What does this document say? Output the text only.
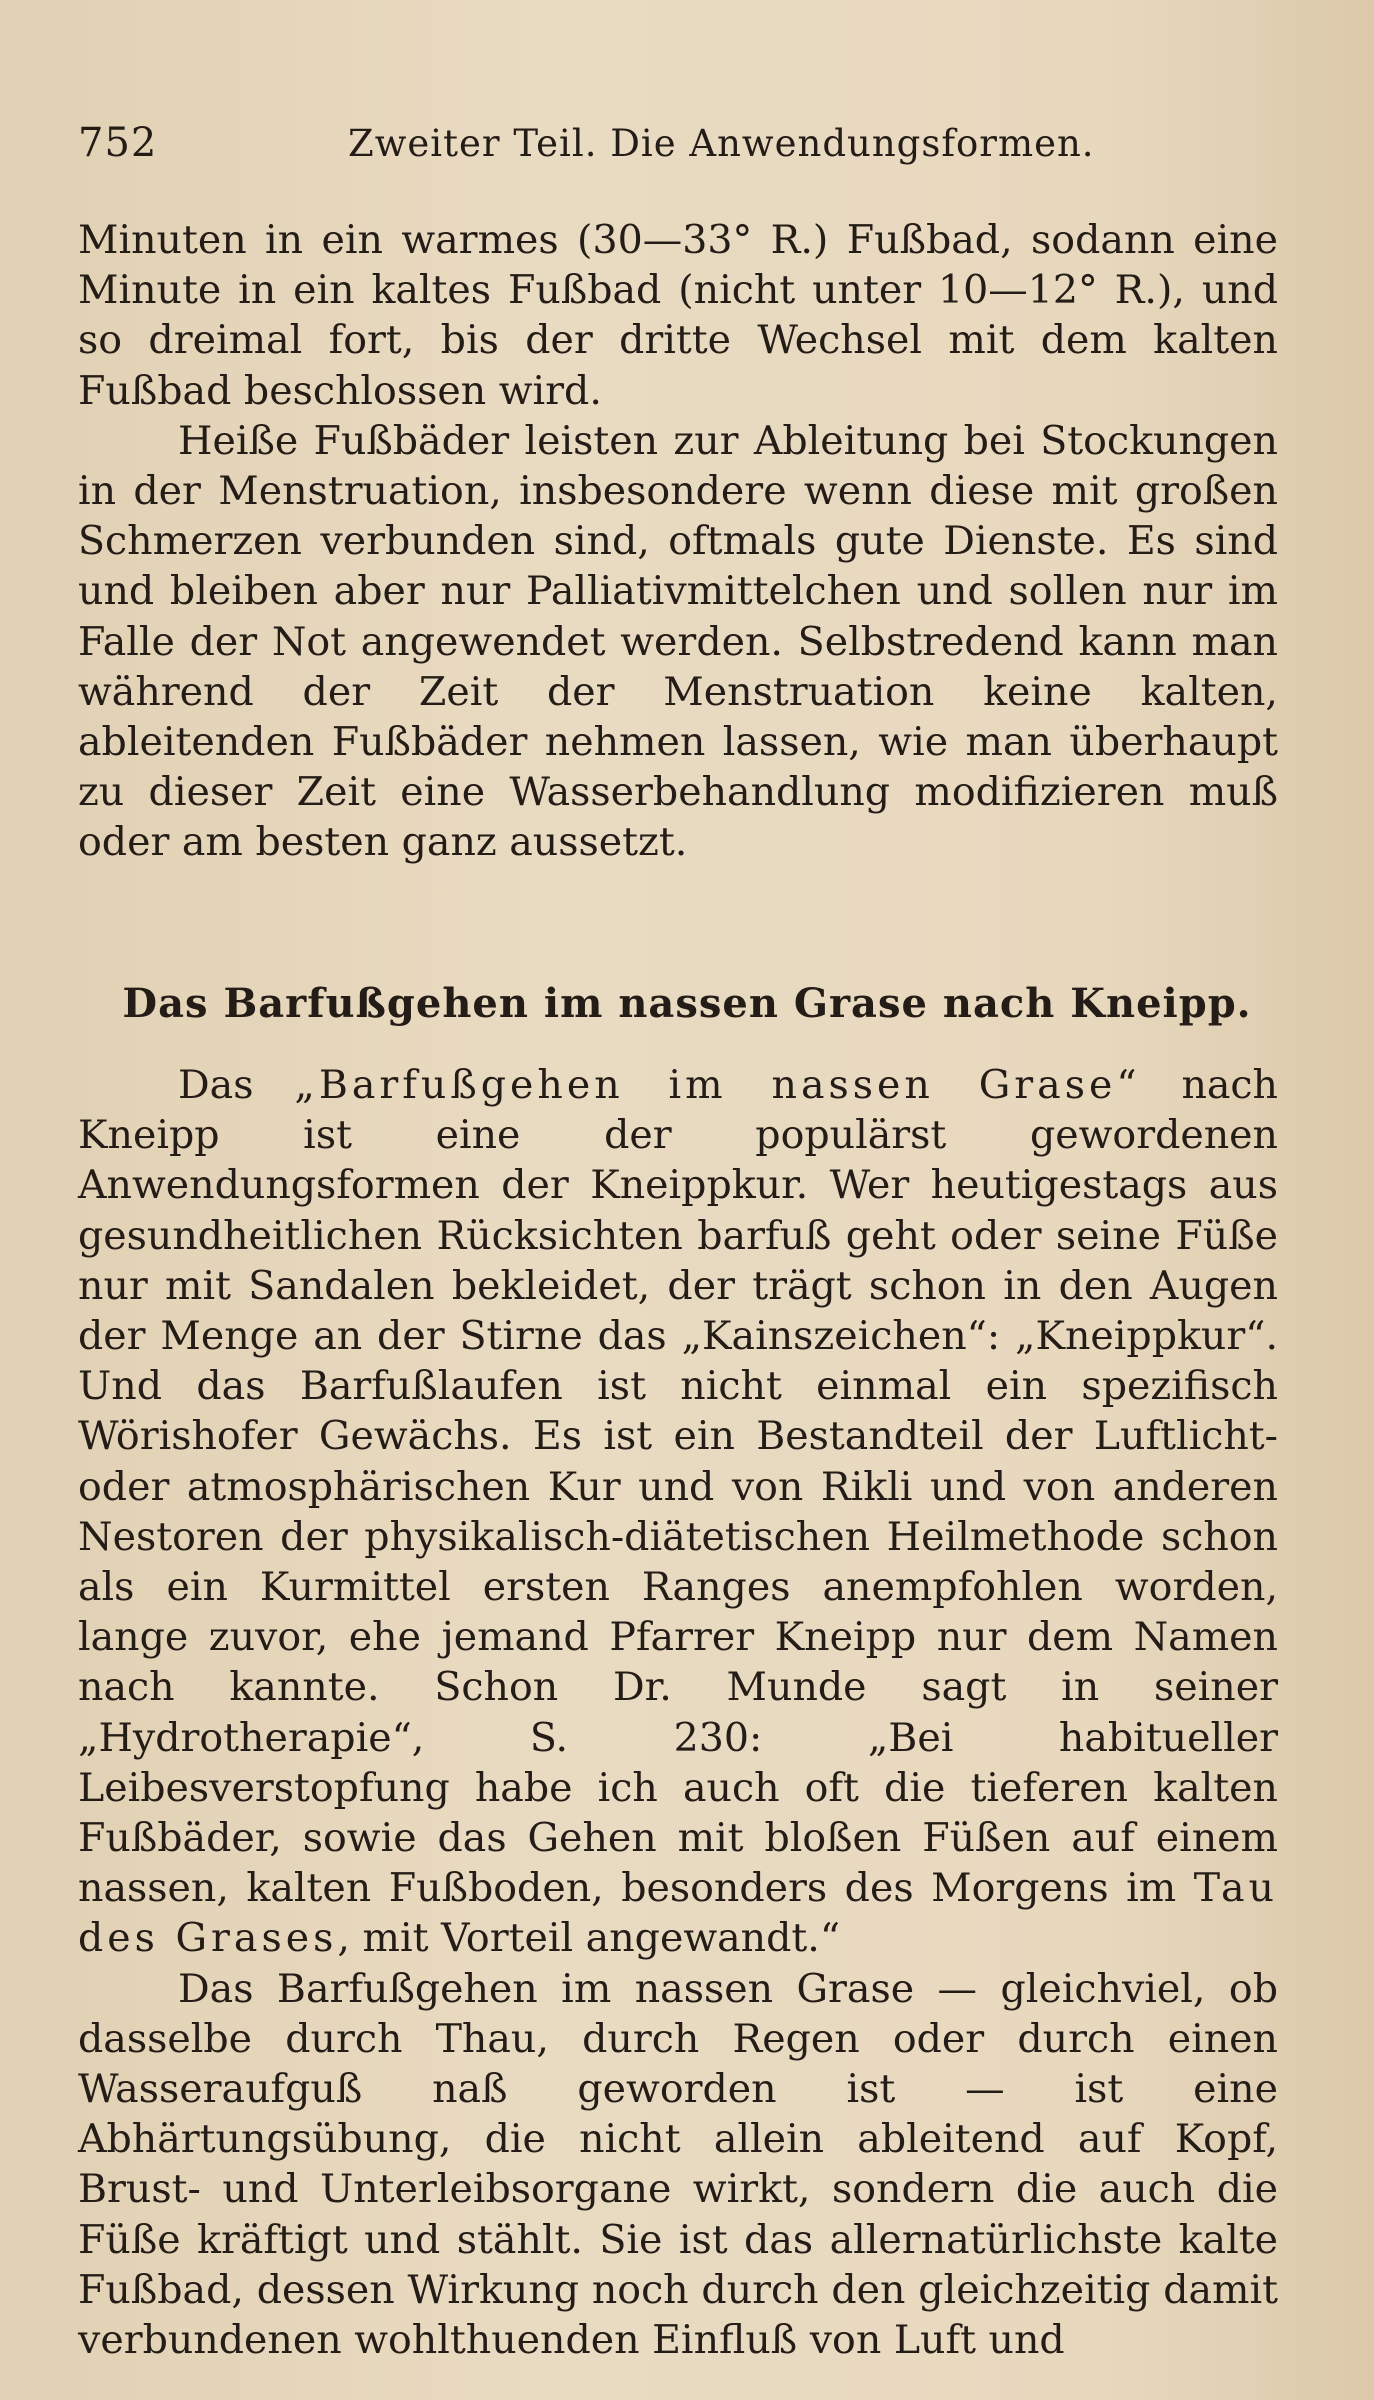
752	Zweiter Teil. Die Anwendungsformen.

Minuten in ein warmes (30—33° R.) Fußbad, sodann eine Minute in ein kaltes Fußbad (nicht unter 10—12° R.), und so dreimal fort, bis der dritte Wechsel mit dem kalten Fußbad beschlossen wird.

Heiße Fußbäder leisten zur Ableitung bei Stockungen in der Menstruation, insbesondere wenn diese mit großen Schmerzen verbunden sind, oftmals gute Dienste. Es sind und bleiben aber nur Palliativmittelchen und sollen nur im Falle der Not angewendet werden. Selbstredend kann man während der Zeit der Menstruation keine kalten, ableitenden Fußbäder nehmen lassen, wie man überhaupt zu dieser Zeit eine Wasserbehandlung modifizieren muß oder am besten ganz aussetzt.

Das Barfußgehen im nassen Grase nach Kneipp.

Das „Barfußgehen im nassen Grase“ nach Kneipp ist eine der populärst gewordenen Anwendungsformen der Kneippkur. Wer heutigestags aus gesundheitlichen Rücksichten barfuß geht oder seine Füße nur mit Sandalen bekleidet, der trägt schon in den Augen der Menge an der Stirne das „Kainszeichen“: „Kneippkur“. Und das Barfußlaufen ist nicht einmal ein spezifisch Wörishofer Gewächs. Es ist ein Bestandteil der Luftlicht- oder atmosphärischen Kur und von Rikli und von anderen Nestoren der physikalisch-diätetischen Heilmethode schon als ein Kurmittel ersten Ranges anempfohlen worden, lange zuvor, ehe jemand Pfarrer Kneipp nur dem Namen nach kannte. Schon Dr. Munde sagt in seiner „Hydrotherapie“, S. 230: „Bei habitueller Leibesverstopfung habe ich auch oft die tieferen kalten Fußbäder, sowie das Gehen mit bloßen Füßen auf einem nassen, kalten Fußboden, besonders des Morgens im Tau des Grases, mit Vorteil angewandt.“

Das Barfußgehen im nassen Grase — gleichviel, ob dasselbe durch Thau, durch Regen oder durch einen Wasseraufguß naß geworden ist — ist eine Abhärtungsübung, die nicht allein ableitend auf Kopf, Brust- und Unterleibsorgane wirkt, sondern die auch die Füße kräftigt und stählt. Sie ist das allernatürlichste kalte Fußbad, dessen Wirkung noch durch den gleichzeitig damit verbundenen wohlthuenden Einfluß von Luft und
